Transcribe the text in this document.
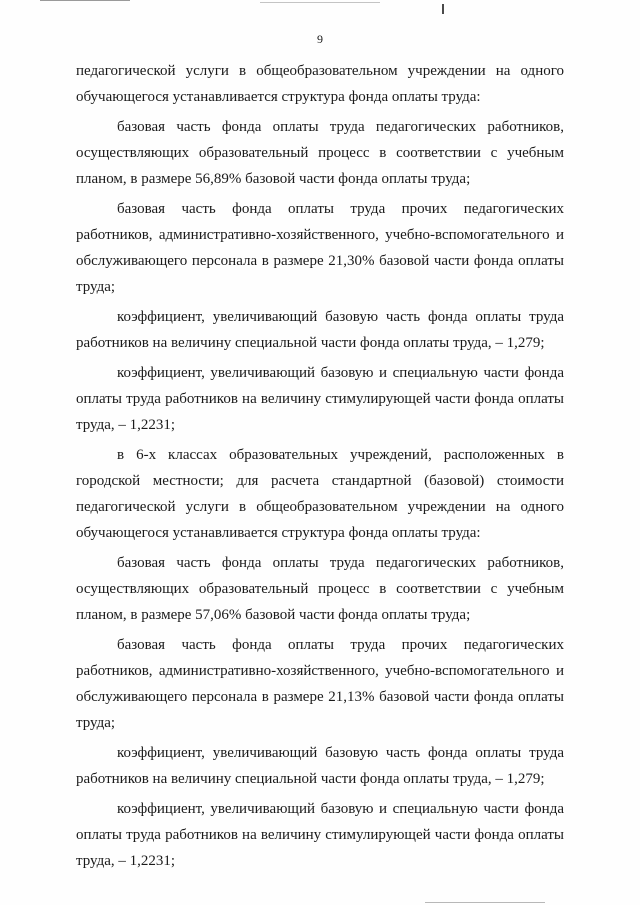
9

педагогической услуги в общеобразовательном учреждении на одного обучающегося устанавливается структура фонда оплаты труда:

базовая часть фонда оплаты труда педагогических работников, осуществляющих образовательный процесс в соответствии с учебным планом, в размере 56,89% базовой части фонда оплаты труда;

базовая часть фонда оплаты труда прочих педагогических работников, административно-хозяйственного, учебно-вспомогательного и обслуживающего персонала в размере 21,30% базовой части фонда оплаты труда;

коэффициент, увеличивающий базовую часть фонда оплаты труда работников на величину специальной части фонда оплаты труда, – 1,279;

коэффициент, увеличивающий базовую и специальную части фонда оплаты труда работников на величину стимулирующей части фонда оплаты труда, – 1,2231;

в 6-х классах образовательных учреждений, расположенных в городской местности; для расчета стандартной (базовой) стоимости педагогической услуги в общеобразовательном учреждении на одного обучающегося устанавливается структура фонда оплаты труда:

базовая часть фонда оплаты труда педагогических работников, осуществляющих образовательный процесс в соответствии с учебным планом, в размере 57,06% базовой части фонда оплаты труда;

базовая часть фонда оплаты труда прочих педагогических работников, административно-хозяйственного, учебно-вспомогательного и обслуживающего персонала в размере 21,13% базовой части фонда оплаты труда;

коэффициент, увеличивающий базовую часть фонда оплаты труда работников на величину специальной части фонда оплаты труда, – 1,279;

коэффициент, увеличивающий базовую и специальную части фонда оплаты труда работников на величину стимулирующей части фонда оплаты труда, – 1,2231;
